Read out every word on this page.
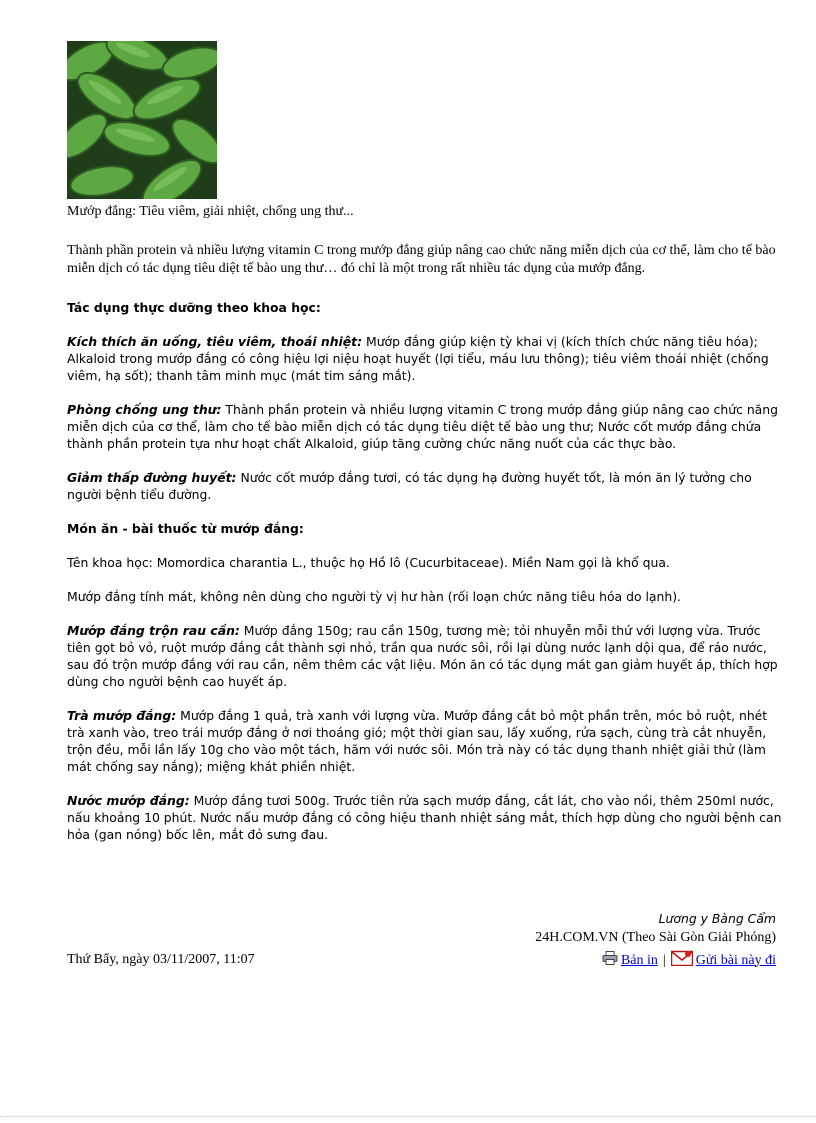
Mướp đắng: Tiêu viêm, giải nhiệt, chống ung thư...
Thành phần protein và nhiều lượng vitamin C trong mướp đắng giúp nâng cao chức năng miễn dịch của cơ thể, làm cho tế bào miễn dịch có tác dụng tiêu diệt tế bào ung thư… đó chỉ là một trong rất nhiều tác dụng của mướp đắng.

Tác dụng thực dưỡng theo khoa học:

Kích thích ăn uống, tiêu viêm, thoái nhiệt: Mướp đắng giúp kiện tỳ khai vị (kích thích chức năng tiêu hóa); Alkaloid trong mướp đắng có công hiệu lợi niệu hoạt huyết (lợi tiểu, máu lưu thông); tiêu viêm thoái nhiệt (chống viêm, hạ sốt); thanh tâm minh mục (mát tim sáng mắt).

Phòng chống ung thư: Thành phần protein và nhiều lượng vitamin C trong mướp đắng giúp nâng cao chức năng miễn dịch của cơ thể, làm cho tế bào miễn dịch có tác dụng tiêu diệt tế bào ung thư; Nước cốt mướp đắng chứa thành phần protein tựa như hoạt chất Alkaloid, giúp tăng cường chức năng nuốt của các thực bào.

Giảm thấp đường huyết: Nước cốt mướp đắng tươi, có tác dụng hạ đường huyết tốt, là món ăn lý tưởng cho người bệnh tiểu đường.

Món ăn - bài thuốc từ mướp đắng:

Tên khoa học: Momordica charantia L., thuộc họ Hồ lô (Cucurbitaceae). Miền Nam gọi là khổ qua.

Mướp đắng tính mát, không nên dùng cho người tỳ vị hư hàn (rối loạn chức năng tiêu hóa do lạnh).

Mướp đắng trộn rau cần: Mướp đắng 150g; rau cần 150g, tương mè; tỏi nhuyễn mỗi thứ với lượng vừa. Trước tiên gọt bỏ vỏ, ruột mướp đắng cắt thành sợi nhỏ, trần qua nước sôi, rồi lại dùng nước lạnh dội qua, để ráo nước, sau đó trộn mướp đắng với rau cần, nêm thêm các vật liệu. Món ăn có tác dụng mát gan giảm huyết áp, thích hợp dùng cho người bệnh cao huyết áp.

Trà mướp đắng: Mướp đắng 1 quả, trà xanh với lượng vừa. Mướp đắng cắt bỏ một phần trên, móc bỏ ruột, nhét trà xanh vào, treo trái mướp đắng ở nơi thoáng gió; một thời gian sau, lấy xuống, rửa sạch, cùng trà cắt nhuyễn, trộn đều, mỗi lần lấy 10g cho vào một tách, hãm với nước sôi. Món trà này có tác dụng thanh nhiệt giải thử (làm mát chống say nắng); miệng khát phiền nhiệt.

Nước mướp đắng: Mướp đắng tươi 500g. Trước tiên rửa sạch mướp đắng, cắt lát, cho vào nồi, thêm 250ml nước, nấu khoảng 10 phút. Nước nấu mướp đắng có công hiệu thanh nhiệt sáng mắt, thích hợp dùng cho người bệnh can hỏa (gan nóng) bốc lên, mắt đỏ sưng đau.

Lương y Bàng Cẩm
24H.COM.VN (Theo Sài Gòn Giải Phóng)
Thứ Bẩy, ngày 03/11/2007, 11:07	Bản in | Gửi bài này đi
